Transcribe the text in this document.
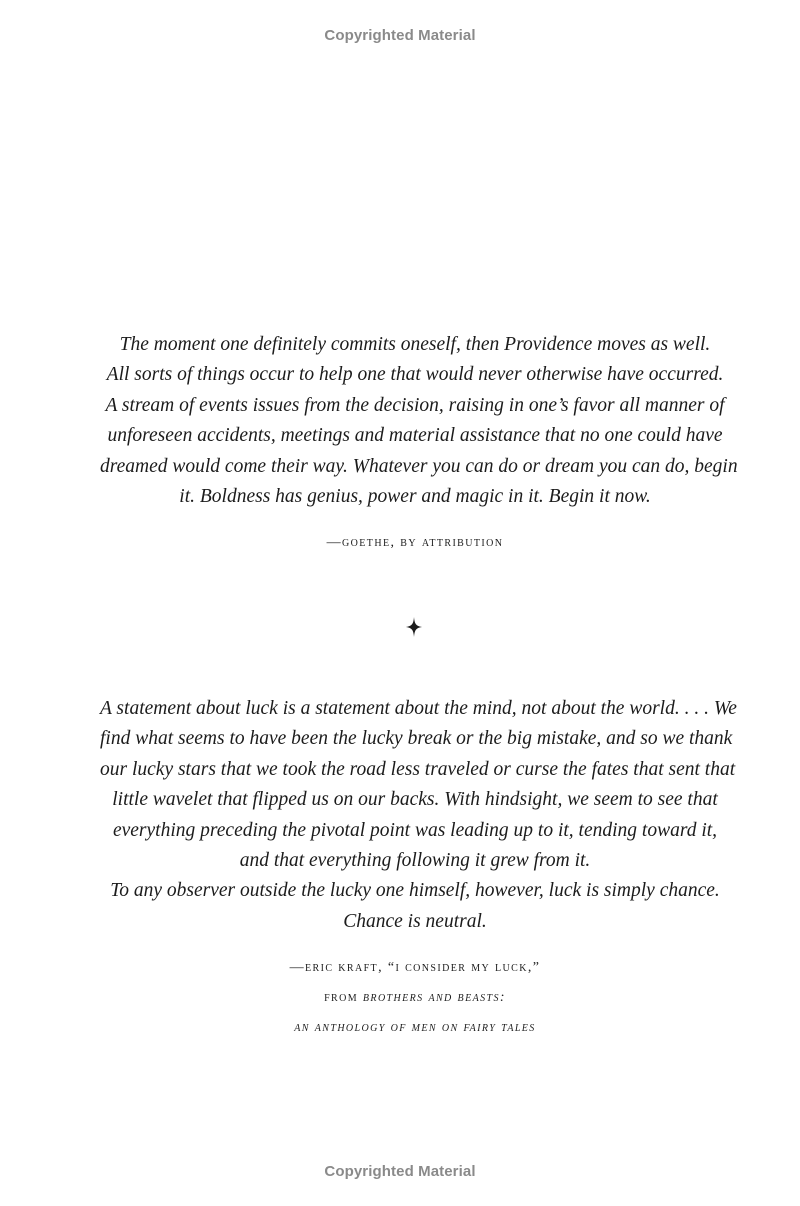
Copyrighted Material
The moment one definitely commits oneself, then Providence moves as well.
All sorts of things occur to help one that would never otherwise have occurred.
A stream of events issues from the decision, raising in one’s favor all manner of
unforeseen accidents, meetings and material assistance that no one could have
dreamed would come their way. Whatever you can do or dream you can do, begin
it. Boldness has genius, power and magic in it. Begin it now.
—goethe, by attribution
A statement about luck is a statement about the mind, not about the world. . . . We
find what seems to have been the lucky break or the big mistake, and so we thank
our lucky stars that we took the road less traveled or curse the fates that sent that
little wavelet that flipped us on our backs. With hindsight, we seem to see that
everything preceding the pivotal point was leading up to it, tending toward it,
and that everything following it grew from it.
To any observer outside the lucky one himself, however, luck is simply chance.
Chance is neutral.
—eric kraft, “i consider my luck,”
from brothers and beasts:
an anthology of men on fairy tales
Copyrighted Material
